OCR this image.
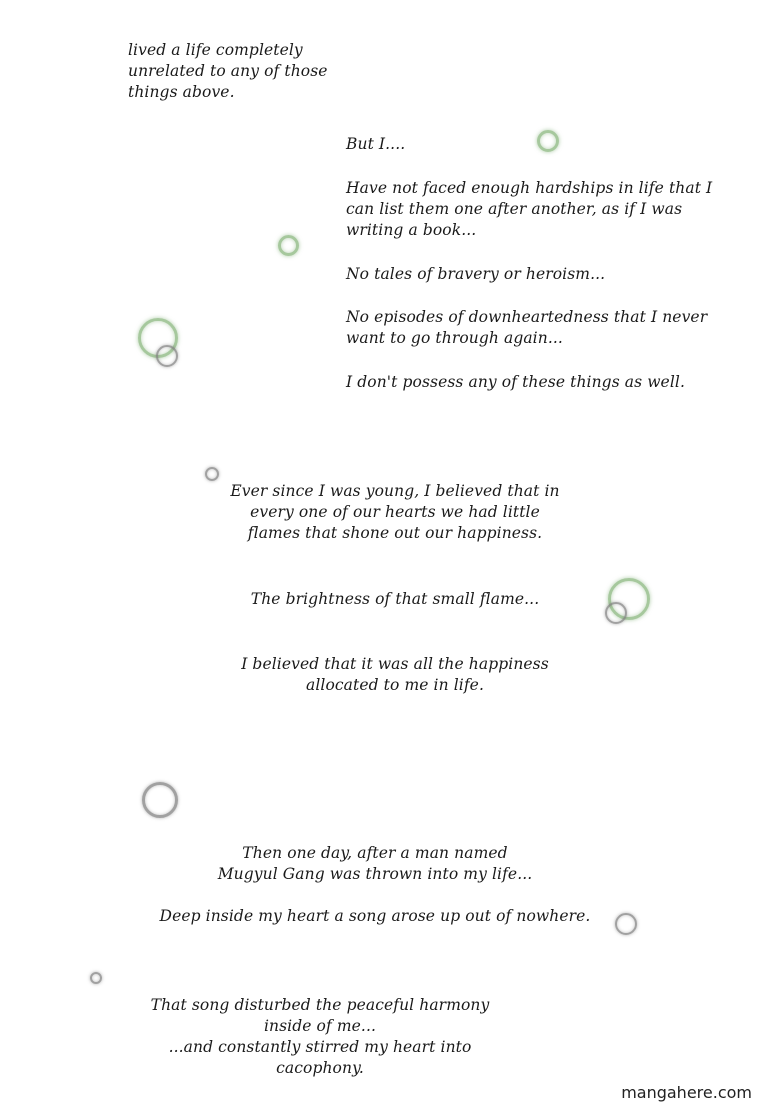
lived a life completely
unrelated to any of those
things above.
But I....
Have not faced enough hardships in life that I
can list them one after another, as if I was
writing a book...
No tales of bravery or heroism...
No episodes of downheartedness that I never
want to go through again...
I don't possess any of these things as well.
Ever since I was young, I believed that in
every one of our hearts we had little
flames that shone out our happiness.
The brightness of that small flame...
I believed that it was all the happiness
allocated to me in life.
Then one day, after a man named
Mugyul Gang was thrown into my life...
Deep inside my heart a song arose up out of nowhere.
That song disturbed the peaceful harmony
inside of me...
...and constantly stirred my heart into
cacophony.
mangahere.com
